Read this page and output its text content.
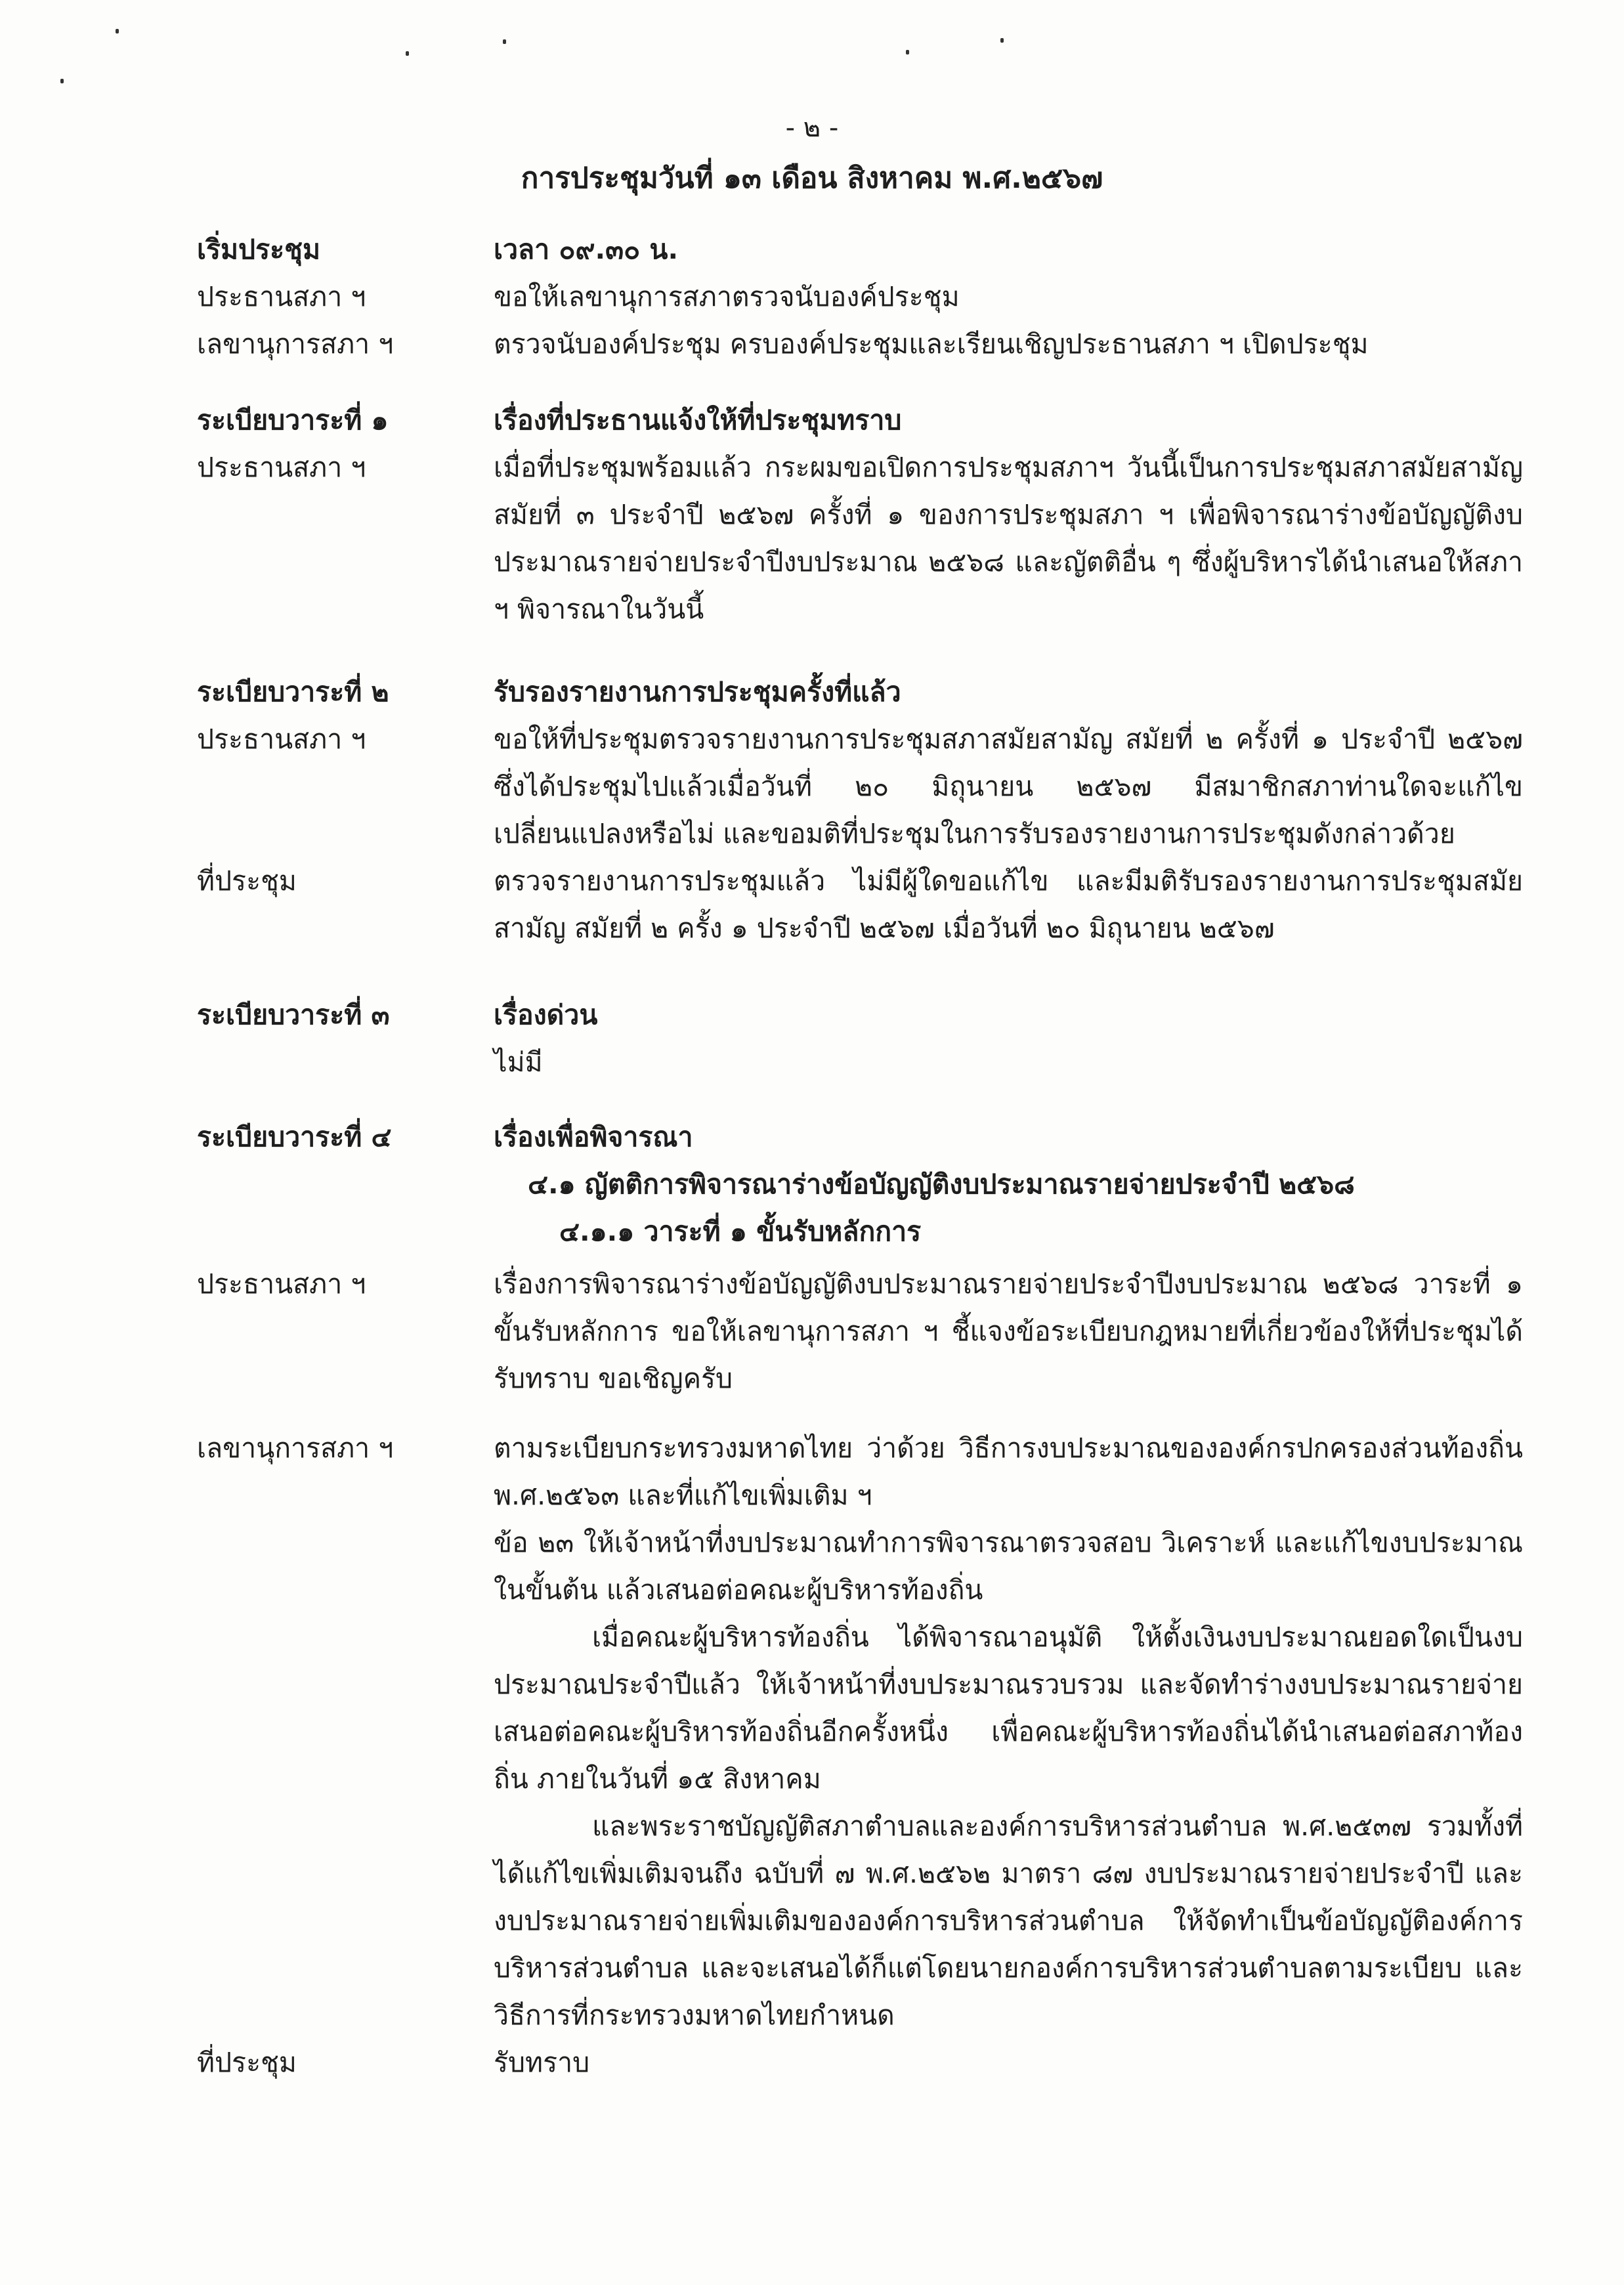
- ๒ -
การประชุมวันที่ ๑๓ เดือน สิงหาคม พ.ศ.๒๕๖๗
เริ่มประชุม	เวลา ๐๙.๓๐ น.
ประธานสภา ฯ	ขอให้เลขานุการสภาตรวจนับองค์ประชุม
เลขานุการสภา ฯ	ตรวจนับองค์ประชุม ครบองค์ประชุมและเรียนเชิญประธานสภา ฯ เปิดประชุม
ระเบียบวาระที่ ๑	เรื่องที่ประธานแจ้งให้ที่ประชุมทราบ
ประธานสภา ฯ	เมื่อที่ประชุมพร้อมแล้ว กระผมขอเปิดการประชุมสภาฯ วันนี้เป็นการประชุมสภาสมัยสามัญ สมัยที่ ๓ ประจำปี ๒๕๖๗ ครั้งที่ ๑ ของการประชุมสภา ฯ เพื่อพิจารณาร่างข้อบัญญัติงบประมาณรายจ่ายประจำปีงบประมาณ ๒๕๖๘ และญัตติอื่น ๆ ซึ่งผู้บริหารได้นำเสนอให้สภา ฯ พิจารณาในวันนี้
ระเบียบวาระที่ ๒	รับรองรายงานการประชุมครั้งที่แล้ว
ประธานสภา ฯ	ขอให้ที่ประชุมตรวจรายงานการประชุมสภาสมัยสามัญ สมัยที่ ๒ ครั้งที่ ๑ ประจำปี ๒๕๖๗ ซึ่งได้ประชุมไปแล้วเมื่อวันที่ ๒๐ มิถุนายน ๒๕๖๗ มีสมาชิกสภาท่านใดจะแก้ไขเปลี่ยนแปลงหรือไม่ และขอมติที่ประชุมในการรับรองรายงานการประชุมดังกล่าวด้วย
ที่ประชุม	ตรวจรายงานการประชุมแล้ว ไม่มีผู้ใดขอแก้ไข และมีมติรับรองรายงานการประชุมสมัยสามัญ สมัยที่ ๒ ครั้ง ๑ ประจำปี ๒๕๖๗ เมื่อวันที่ ๒๐ มิถุนายน ๒๕๖๗
ระเบียบวาระที่ ๓	เรื่องด่วน
ไม่มี
ระเบียบวาระที่ ๔	เรื่องเพื่อพิจารณา
๔.๑ ญัตติการพิจารณาร่างข้อบัญญัติงบประมาณรายจ่ายประจำปี ๒๕๖๘
๔.๑.๑ วาระที่ ๑ ขั้นรับหลักการ
ประธานสภา ฯ	เรื่องการพิจารณาร่างข้อบัญญัติงบประมาณรายจ่ายประจำปีงบประมาณ ๒๕๖๘ วาระที่ ๑ ขั้นรับหลักการ ขอให้เลขานุการสภา ฯ ชี้แจงข้อระเบียบกฎหมายที่เกี่ยวข้องให้ที่ประชุมได้รับทราบ ขอเชิญครับ
เลขานุการสภา ฯ	ตามระเบียบกระทรวงมหาดไทย ว่าด้วย วิธีการงบประมาณขององค์กรปกครองส่วนท้องถิ่น พ.ศ.๒๕๖๓ และที่แก้ไขเพิ่มเติม ฯ
ข้อ ๒๓ ให้เจ้าหน้าที่งบประมาณทำการพิจารณาตรวจสอบ วิเคราะห์ และแก้ไขงบประมาณในขั้นต้น แล้วเสนอต่อคณะผู้บริหารท้องถิ่น
เมื่อคณะผู้บริหารท้องถิ่น ได้พิจารณาอนุมัติ ให้ตั้งเงินงบประมาณยอดใดเป็นงบประมาณประจำปีแล้ว ให้เจ้าหน้าที่งบประมาณรวบรวม และจัดทำร่างงบประมาณรายจ่ายเสนอต่อคณะผู้บริหารท้องถิ่นอีกครั้งหนึ่ง เพื่อคณะผู้บริหารท้องถิ่นได้นำเสนอต่อสภาท้องถิ่น ภายในวันที่ ๑๕ สิงหาคม
และพระราชบัญญัติสภาตำบลและองค์การบริหารส่วนตำบล พ.ศ.๒๕๓๗ รวมทั้งที่ได้แก้ไขเพิ่มเติมจนถึง ฉบับที่ ๗ พ.ศ.๒๕๖๒ มาตรา ๘๗ งบประมาณรายจ่ายประจำปี และงบประมาณรายจ่ายเพิ่มเติมขององค์การบริหารส่วนตำบล ให้จัดทำเป็นข้อบัญญัติองค์การบริหารส่วนตำบล และจะเสนอได้ก็แต่โดยนายกองค์การบริหารส่วนตำบลตามระเบียบ และวิธีการที่กระทรวงมหาดไทยกำหนด
ที่ประชุม	รับทราบ
